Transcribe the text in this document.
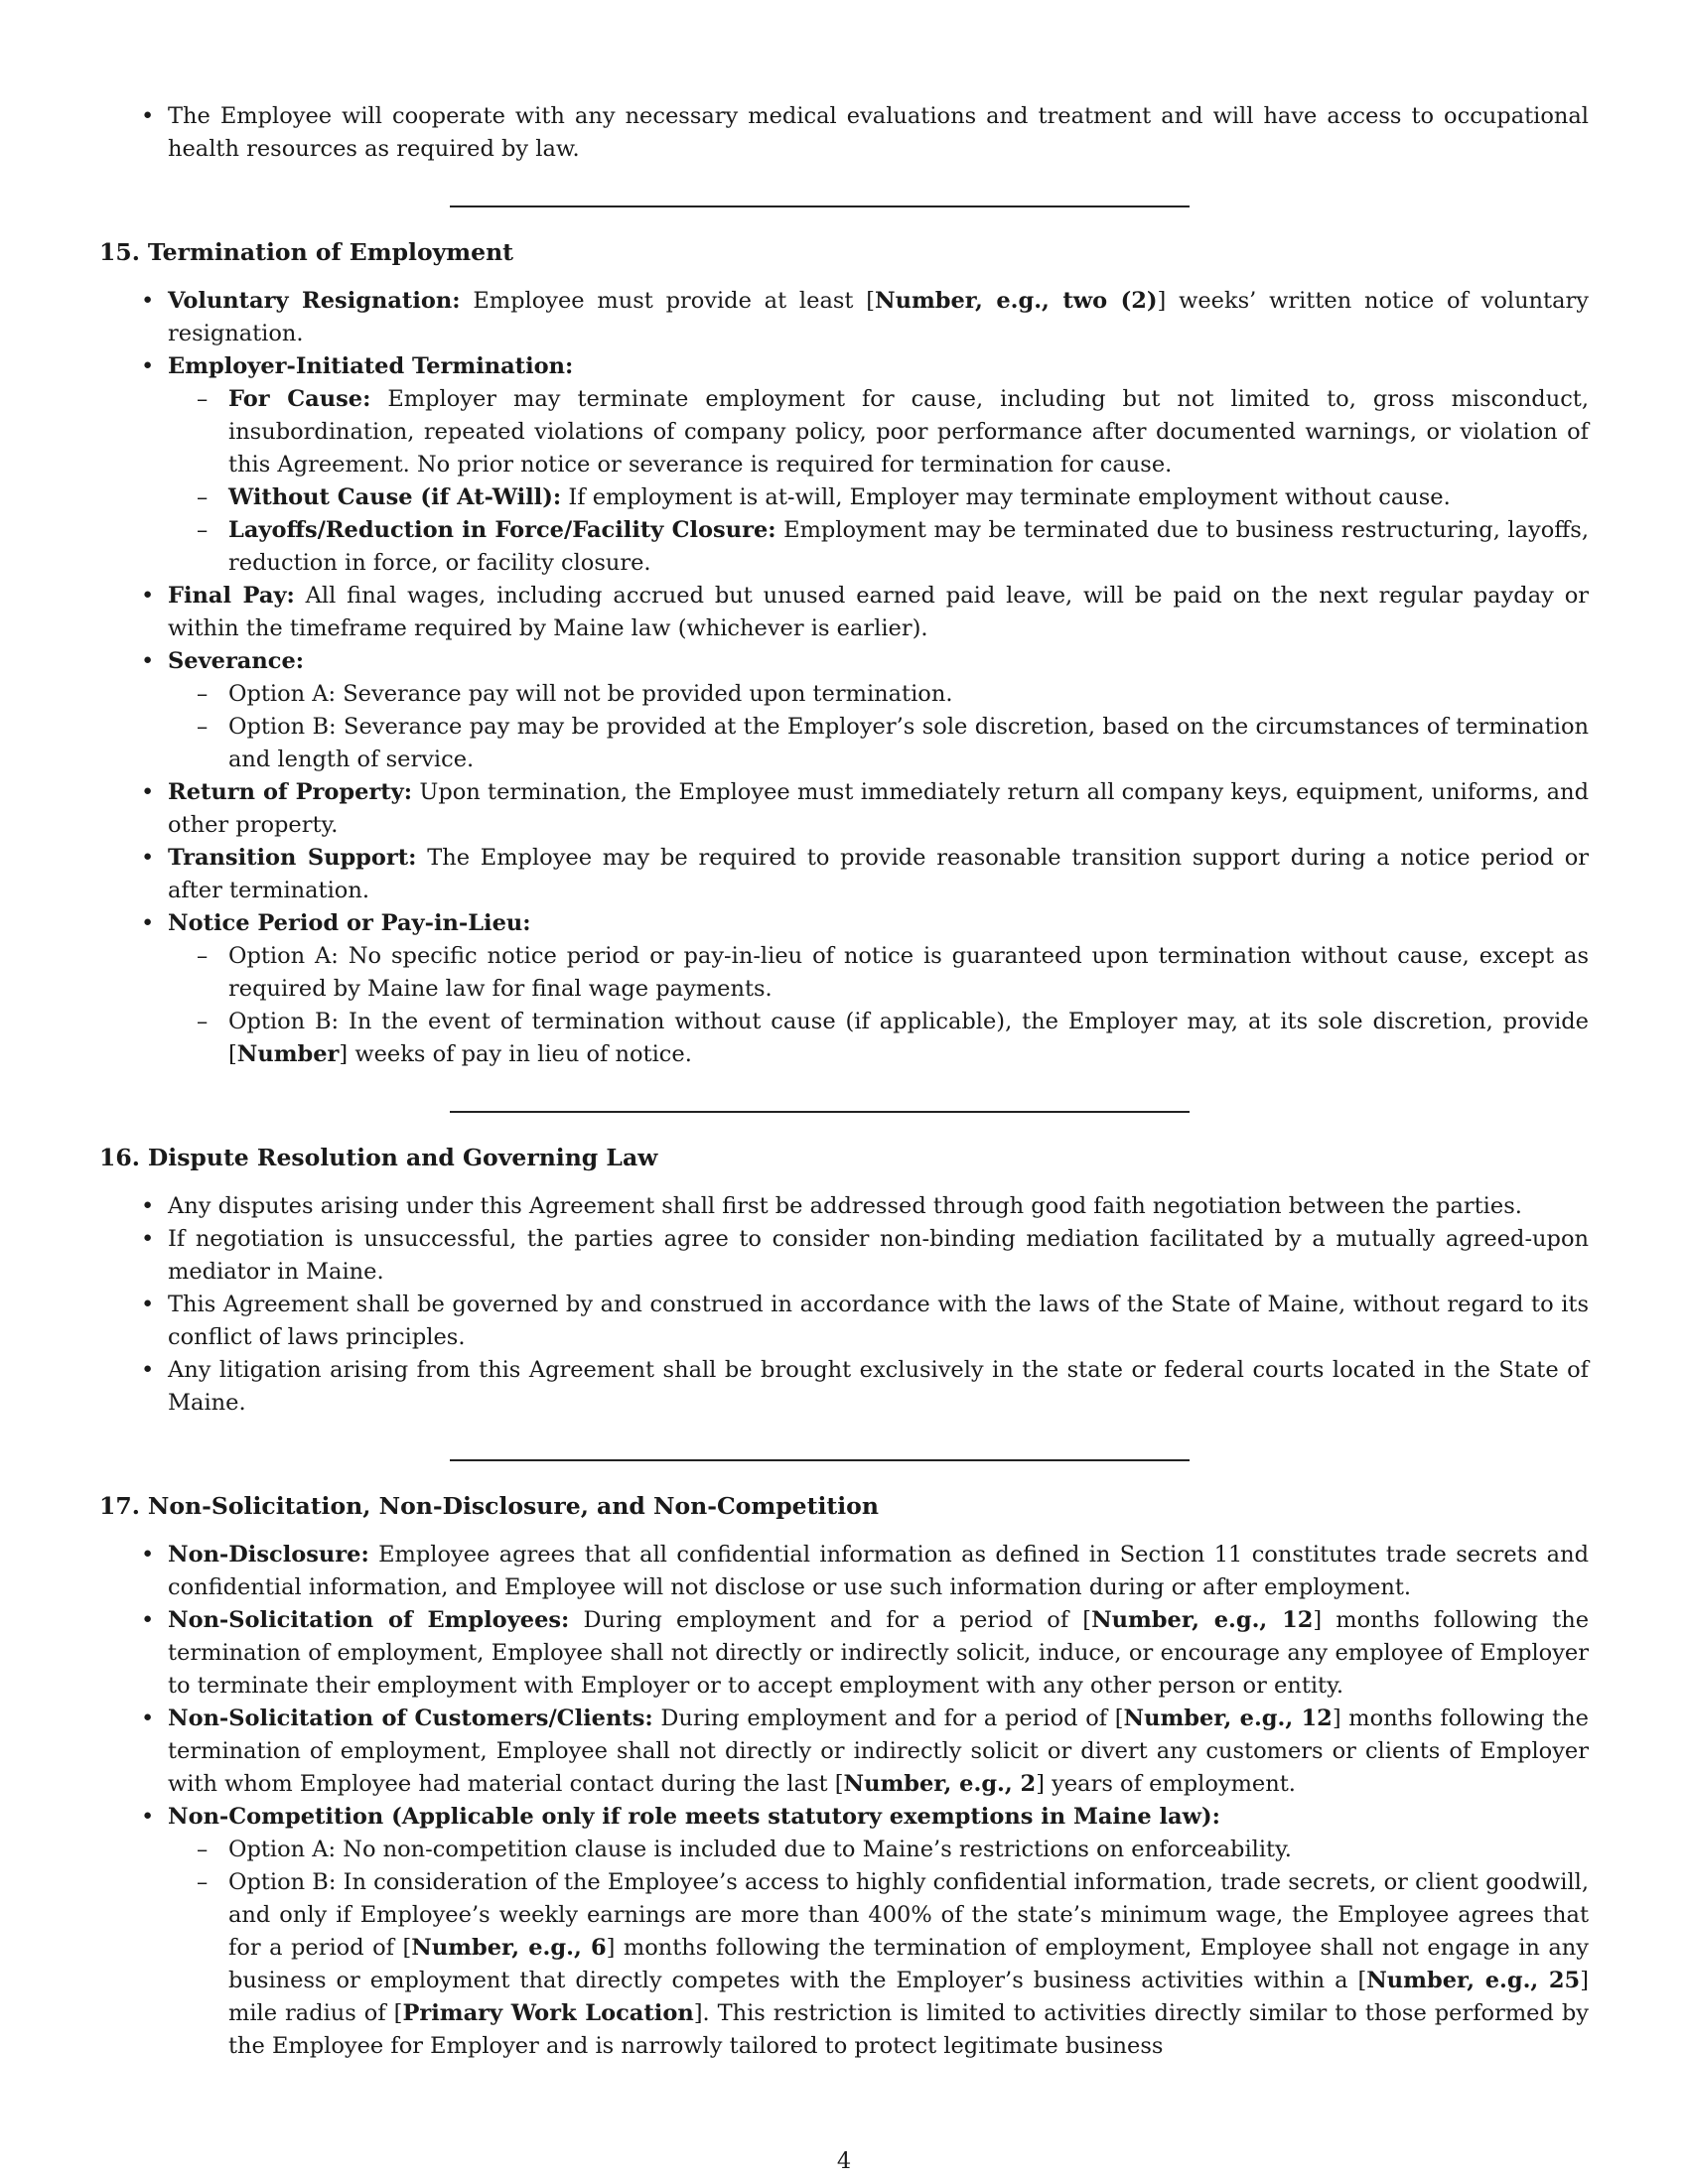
• The Employee will cooperate with any necessary medical evaluations and treatment and will have access to occupational health resources as required by law.
15. Termination of Employment
• Voluntary Resignation: Employee must provide at least [Number, e.g., two (2)] weeks’ written notice of voluntary resignation.
• Employer-Initiated Termination:
– For Cause: Employer may terminate employment for cause, including but not limited to, gross misconduct, insubordination, repeated violations of company policy, poor performance after documented warnings, or violation of this Agreement. No prior notice or severance is required for termination for cause.
– Without Cause (if At-Will): If employment is at-will, Employer may terminate employment without cause.
– Layoffs/Reduction in Force/Facility Closure: Employment may be terminated due to business restructuring, layoffs, reduction in force, or facility closure.
• Final Pay: All final wages, including accrued but unused earned paid leave, will be paid on the next regular payday or within the timeframe required by Maine law (whichever is earlier).
• Severance:
– Option A: Severance pay will not be provided upon termination.
– Option B: Severance pay may be provided at the Employer’s sole discretion, based on the circumstances of termination and length of service.
• Return of Property: Upon termination, the Employee must immediately return all company keys, equipment, uniforms, and other property.
• Transition Support: The Employee may be required to provide reasonable transition support during a notice period or after termination.
• Notice Period or Pay-in-Lieu:
– Option A: No specific notice period or pay-in-lieu of notice is guaranteed upon termination without cause, except as required by Maine law for final wage payments.
– Option B: In the event of termination without cause (if applicable), the Employer may, at its sole discretion, provide [Number] weeks of pay in lieu of notice.
16. Dispute Resolution and Governing Law
• Any disputes arising under this Agreement shall first be addressed through good faith negotiation between the parties.
• If negotiation is unsuccessful, the parties agree to consider non-binding mediation facilitated by a mutually agreed-upon mediator in Maine.
• This Agreement shall be governed by and construed in accordance with the laws of the State of Maine, without regard to its conflict of laws principles.
• Any litigation arising from this Agreement shall be brought exclusively in the state or federal courts located in the State of Maine.
17. Non-Solicitation, Non-Disclosure, and Non-Competition
• Non-Disclosure: Employee agrees that all confidential information as defined in Section 11 constitutes trade secrets and confidential information, and Employee will not disclose or use such information during or after employment.
• Non-Solicitation of Employees: During employment and for a period of [Number, e.g., 12] months following the termination of employment, Employee shall not directly or indirectly solicit, induce, or encourage any employee of Employer to terminate their employment with Employer or to accept employment with any other person or entity.
• Non-Solicitation of Customers/Clients: During employment and for a period of [Number, e.g., 12] months following the termination of employment, Employee shall not directly or indirectly solicit or divert any customers or clients of Employer with whom Employee had material contact during the last [Number, e.g., 2] years of employment.
• Non-Competition (Applicable only if role meets statutory exemptions in Maine law):
– Option A: No non-competition clause is included due to Maine’s restrictions on enforceability.
– Option B: In consideration of the Employee’s access to highly confidential information, trade secrets, or client goodwill, and only if Employee’s weekly earnings are more than 400% of the state’s minimum wage, the Employee agrees that for a period of [Number, e.g., 6] months following the termination of employment, Employee shall not engage in any business or employment that directly competes with the Employer’s business activities within a [Number, e.g., 25] mile radius of [Primary Work Location]. This restriction is limited to activities directly similar to those performed by the Employee for Employer and is narrowly tailored to protect legitimate business
4
